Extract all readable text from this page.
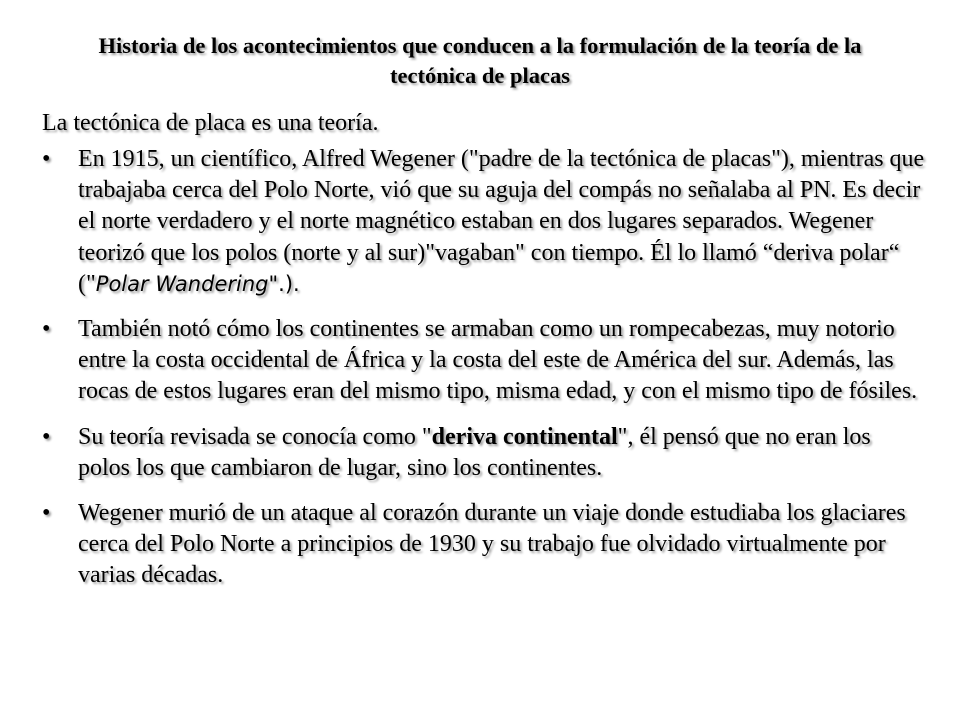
Historia de los acontecimientos que conducen a la formulación de la teoría de la tectónica de placas
La tectónica de placa es una teoría.
• En 1915, un científico, Alfred Wegener ("padre de la tectónica de placas"), mientras que trabajaba cerca del Polo Norte, vió que su aguja del compás no señalaba al PN. Es decir el norte verdadero y el norte magnético estaban en dos lugares separados. Wegener teorizó que los polos (norte y al sur)"vagaban" con tiempo. Él lo llamó “deriva polar“ ("Polar Wandering".).
• También notó cómo los continentes se armaban como un rompecabezas, muy notorio entre la costa occidental de África y la costa del este de América del sur. Además, las rocas de estos lugares eran del mismo tipo, misma edad, y con el mismo tipo de fósiles.
• Su teoría revisada se conocía como "deriva continental", él pensó que no eran los polos los que cambiaron de lugar, sino los continentes.
• Wegener murió de un ataque al corazón durante un viaje donde estudiaba los glaciares cerca del Polo Norte a principios de 1930 y su trabajo fue olvidado virtualmente por varias décadas.
